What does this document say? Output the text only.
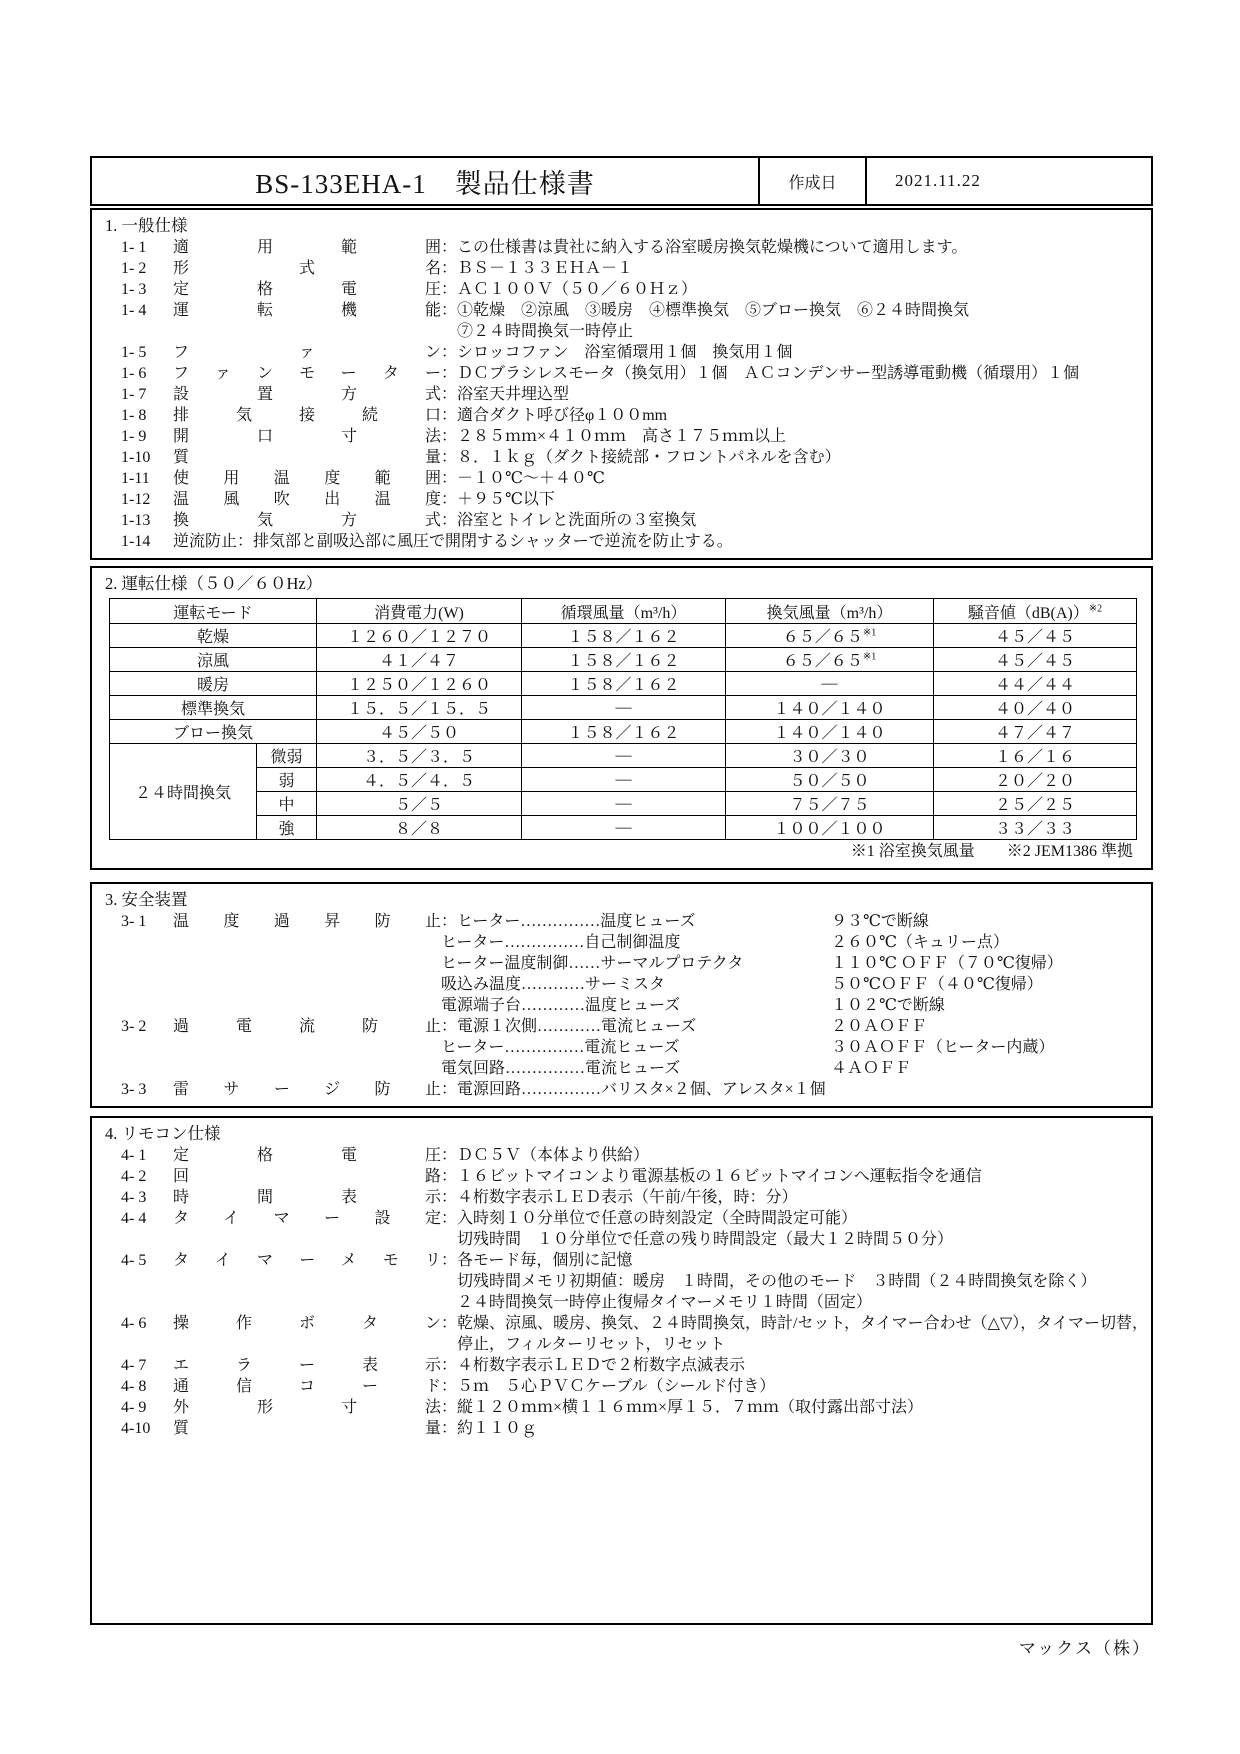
BS-133EHA-1　製品仕様書	作成日	2021.11.22
1. 一般仕様
1- 1	適用範囲 ：この仕様書は貴社に納入する浴室暖房換気乾燥機について適用します。
1- 2	形式名 ：ＢＳ－１３３ＥＨＡ－１
1- 3	定格電圧 ：ＡＣ１００Ｖ（５０／６０Ｈｚ）
1- 4	運転機能 ：①乾燥　②涼風　③暖房　④標準換気　⑤ブロー換気　⑥２４時間換気
⑦２４時間換気一時停止
1- 5	ファン ：シロッコファン　浴室循環用１個　換気用１個
1- 6	ファンモーター ：ＤＣブラシレスモータ（換気用）１個　ＡＣコンデンサー型誘導電動機（循環用）１個
1- 7	設置方式 ：浴室天井埋込型
1- 8	排気接続口 ：適合ダクト呼び径φ１００mm
1- 9	開口寸法 ：２８５ｍｍ×４１０ｍｍ　高さ１７５ｍｍ以上
1-10	質量 ：８．１ｋｇ（ダクト接続部・フロントパネルを含む）
1-11	使用温度範囲 ：－１０℃～＋４０℃
1-12	温風吹出温度 ：＋９５℃以下
1-13	換気方式 ：浴室とトイレと洗面所の３室換気
1-14	逆流防止 ：排気部と副吸込部に風圧で開閉するシャッターで逆流を防止する。
2. 運転仕様（５０／６０Hz）
運転モード		消費電力(W)	循環風量（m³/h）	換気風量（m³/h）	騒音値（dB(A)）$^{※2}$
乾燥		１２６０／１２７０	１５８／１６２	６５／６５$^{※1}$	４５／４５
涼風		４１／４７	１５８／１６２	６５／６５$^{※1}$	４５／４５
暖房		１２５０／１２６０	１５８／１６２	―	４４／４４
標準換気		１５．５／１５．５	―	１４０／１４０	４０／４０
ブロー換気		４５／５０	１５８／１６２	１４０／１４０	４７／４７
２４時間換気	微弱	３．５／３．５	―	３０／３０	１６／１６
	弱	４．５／４．５	―	５０／５０	２０／２０
	中	５／５	―	７５／７５	２５／２５
	強	８／８	―	１００／１００	３３／３３
※1 浴室換気風量　　※2 JEM1386 準拠
3. 安全装置
3- 1	温度過昇防止 ：ヒーター……………温度ヒューズ	９３℃で断線
ヒーター……………自己制御温度	２６０℃（キュリー点）
ヒーター温度制御……サーマルプロテクタ	１１０℃ ＯＦＦ（７０℃復帰）
吸込み温度…………サーミスタ	５０℃ＯＦＦ（４０℃復帰）
電源端子台…………温度ヒューズ	１０２℃で断線
3- 2	過電流防止 ：電源１次側…………電流ヒューズ	２０ＡＯＦＦ
ヒーター……………電流ヒューズ	３０ＡＯＦＦ（ヒーター内蔵）
電気回路……………電流ヒューズ	４ＡＯＦＦ
3- 3	雷サージ防止 ：電源回路……………バリスタ×２個、アレスタ×１個
4. リモコン仕様
4- 1	定格電圧 ：ＤＣ５Ｖ（本体より供給）
4- 2	回路 ：１６ビットマイコンより電源基板の１６ビットマイコンへ運転指令を通信
4- 3	時間表示 ：４桁数字表示ＬＥＤ表示（午前/午後，時：分）
4- 4	タイマー設定 ：入時刻１０分単位で任意の時刻設定（全時間設定可能）
切残時間　１０分単位で任意の残り時間設定（最大１２時間５０分）
4- 5	タイマーメモリ ：各モード毎，個別に記憶
切残時間メモリ初期値：暖房　１時間，その他のモード　３時間（２４時間換気を除く）
２４時間換気一時停止復帰タイマーメモリ１時間（固定）
4- 6	操作ボタン ：乾燥、涼風、暖房、換気、２４時間換気，時計/セット，タイマー合わせ（△▽），タイマー切替，
停止，フィルターリセット，リセット
4- 7	エラー表示 ：４桁数字表示ＬＥＤで２桁数字点滅表示
4- 8	通信コード ：５ｍ　５心ＰＶＣケーブル（シールド付き）
4- 9	外形寸法 ：縦１２０ｍｍ×横１１６ｍｍ×厚１５．７ｍｍ（取付露出部寸法）
4-10	質量 ：約１１０ｇ
マックス（株）
